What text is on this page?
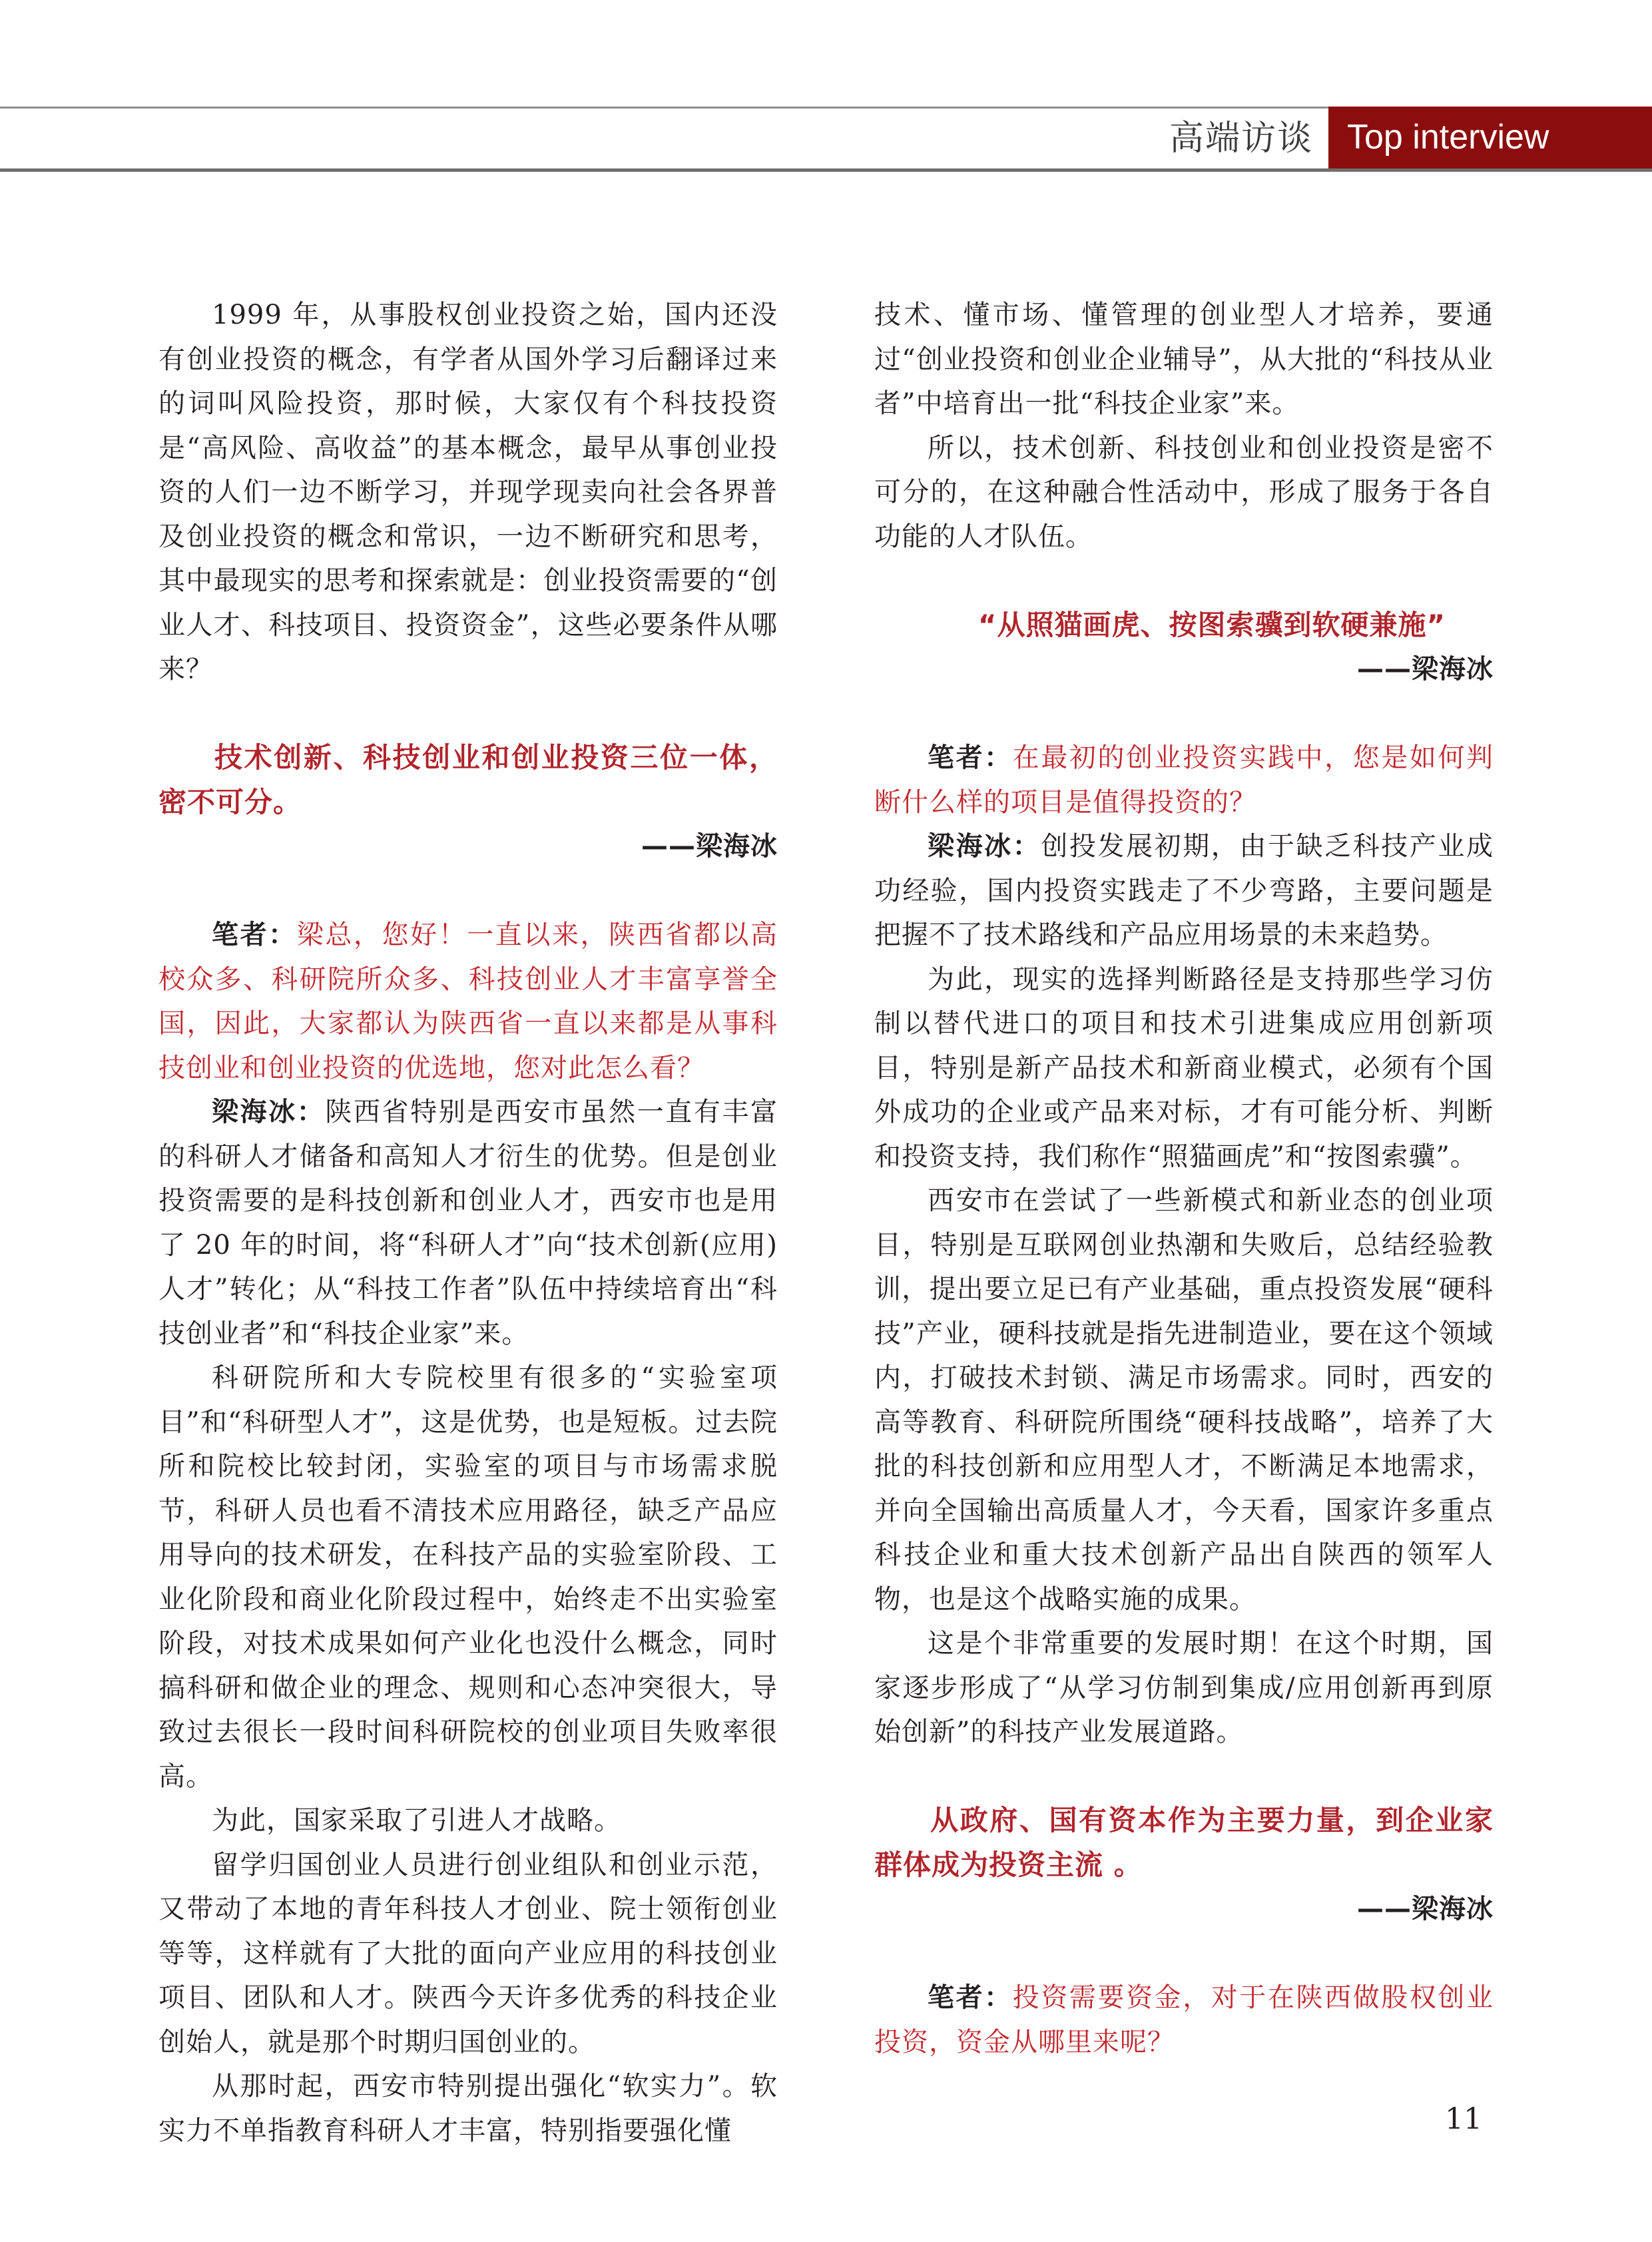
高端访谈 Top interview

1999 年，从事股权创业投资之始，国内还没有创业投资的概念，有学者从国外学习后翻译过来的词叫风险投资，那时候，大家仅有个科技投资是“高风险、高收益”的基本概念，最早从事创业投资的人们一边不断学习，并现学现卖向社会各界普及创业投资的概念和常识，一边不断研究和思考，其中最现实的思考和探索就是：创业投资需要的“创业人才、科技项目、投资资金”，这些必要条件从哪来？

技术创新、科技创业和创业投资三位一体，密不可分。

——梁海冰

笔者：梁总，您好！一直以来，陕西省都以高校众多、科研院所众多、科技创业人才丰富享誉全国，因此，大家都认为陕西省一直以来都是从事科技创业和创业投资的优选地，您对此怎么看？

梁海冰：陕西省特别是西安市虽然一直有丰富的科研人才储备和高知人才衍生的优势。但是创业投资需要的是科技创新和创业人才，西安市也是用了 20 年的时间，将“科研人才”向“技术创新(应用)人才”转化；从“科技工作者”队伍中持续培育出“科技创业者”和“科技企业家”来。

科研院所和大专院校里有很多的“实验室项目”和“科研型人才”，这是优势，也是短板。过去院所和院校比较封闭，实验室的项目与市场需求脱节，科研人员也看不清技术应用路径，缺乏产品应用导向的技术研发，在科技产品的实验室阶段、工业化阶段和商业化阶段过程中，始终走不出实验室阶段，对技术成果如何产业化也没什么概念，同时搞科研和做企业的理念、规则和心态冲突很大，导致过去很长一段时间科研院校的创业项目失败率很高。

为此，国家采取了引进人才战略。

留学归国创业人员进行创业组队和创业示范，又带动了本地的青年科技人才创业、院士领衔创业等等，这样就有了大批的面向产业应用的科技创业项目、团队和人才。陕西今天许多优秀的科技企业创始人，就是那个时期归国创业的。

从那时起，西安市特别提出强化“软实力”。软实力不单指教育科研人才丰富，特别指要强化懂

技术、懂市场、懂管理的创业型人才培养，要通过“创业投资和创业企业辅导”，从大批的“科技从业者”中培育出一批“科技企业家”来。

所以，技术创新、科技创业和创业投资是密不可分的，在这种融合性活动中，形成了服务于各自功能的人才队伍。

“从照猫画虎、按图索骥到软硬兼施”

——梁海冰

笔者：在最初的创业投资实践中，您是如何判断什么样的项目是值得投资的？

梁海冰：创投发展初期，由于缺乏科技产业成功经验，国内投资实践走了不少弯路，主要问题是把握不了技术路线和产品应用场景的未来趋势。

为此，现实的选择判断路径是支持那些学习仿制以替代进口的项目和技术引进集成应用创新项目，特别是新产品技术和新商业模式，必须有个国外成功的企业或产品来对标，才有可能分析、判断和投资支持，我们称作“照猫画虎”和“按图索骥”。

西安市在尝试了一些新模式和新业态的创业项目，特别是互联网创业热潮和失败后，总结经验教训，提出要立足已有产业基础，重点投资发展“硬科技”产业，硬科技就是指先进制造业，要在这个领域内，打破技术封锁、满足市场需求。同时，西安的高等教育、科研院所围绕“硬科技战略”，培养了大批的科技创新和应用型人才，不断满足本地需求，并向全国输出高质量人才，今天看，国家许多重点科技企业和重大技术创新产品出自陕西的领军人物，也是这个战略实施的成果。

这是个非常重要的发展时期！在这个时期，国家逐步形成了“从学习仿制到集成/应用创新再到原始创新”的科技产业发展道路。

从政府、国有资本作为主要力量，到企业家群体成为投资主流 。

——梁海冰

笔者：投资需要资金，对于在陕西做股权创业投资，资金从哪里来呢？

11
